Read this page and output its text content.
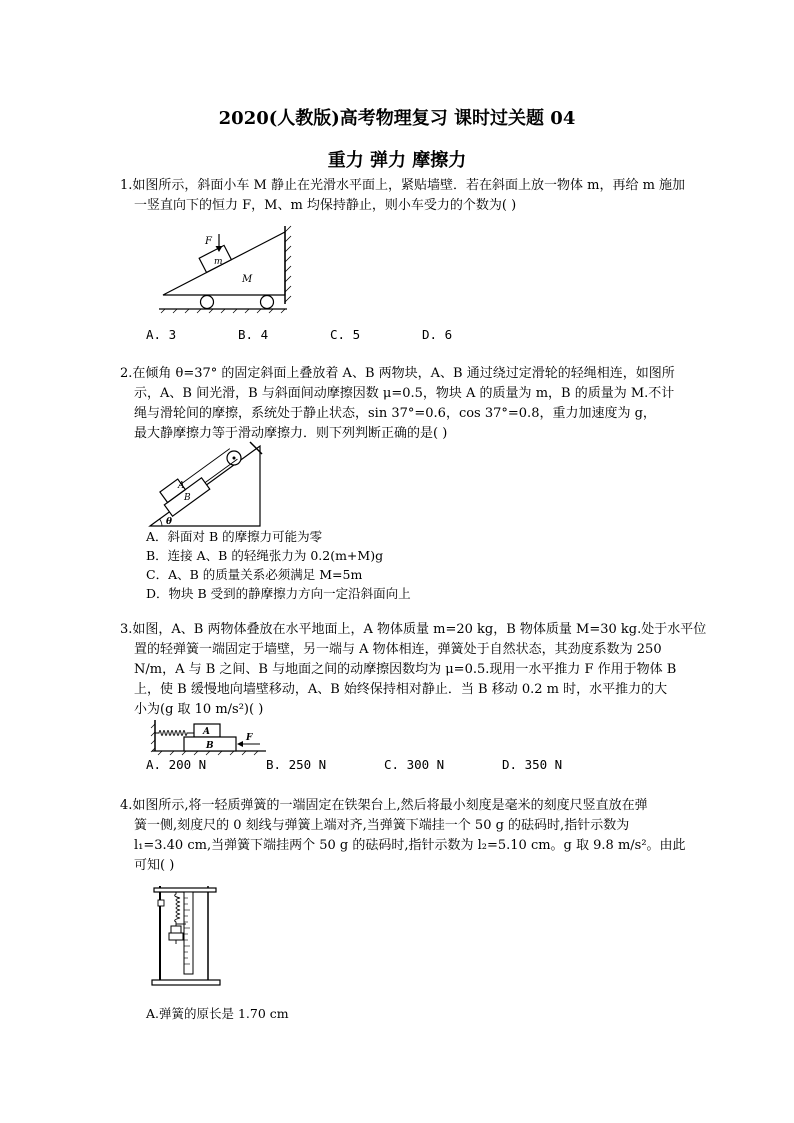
2020(人教版)高考物理复习 课时过关题 04
重力 弹力 摩擦力
1.如图所示，斜面小车 M 静止在光滑水平面上，紧贴墙壁．若在斜面上放一物体 m，再给 m 施加
一竖直向下的恒力 F，M、m 均保持静止，则小车受力的个数为( )
F
m
M
A. 3	B. 4	C. 5	D. 6
2.在倾角 θ=37° 的固定斜面上叠放着 A、B 两物块，A、B 通过绕过定滑轮的轻绳相连，如图所
示，A、B 间光滑，B 与斜面间动摩擦因数 μ=0.5，物块 A 的质量为 m，B 的质量为 M.不计
绳与滑轮间的摩擦，系统处于静止状态，sin 37°=0.6，cos 37°=0.8，重力加速度为 g，
最大静摩擦力等于滑动摩擦力．则下列判断正确的是( )
A
B
θ
A．斜面对 B 的摩擦力可能为零
B．连接 A、B 的轻绳张力为 0.2(m+M)g
C．A、B 的质量关系必须满足 M=5m
D．物块 B 受到的静摩擦力方向一定沿斜面向上
3.如图，A、B 两物体叠放在水平地面上，A 物体质量 m=20 kg，B 物体质量 M=30 kg.处于水平位
置的轻弹簧一端固定于墙壁，另一端与 A 物体相连，弹簧处于自然状态，其劲度系数为 250
N/m，A 与 B 之间、B 与地面之间的动摩擦因数均为 μ=0.5.现用一水平推力 F 作用于物体 B
上，使 B 缓慢地向墙壁移动，A、B 始终保持相对静止．当 B 移动 0.2 m 时，水平推力的大
小为(g 取 10 m/s²)( )
A
B
F
A. 200 N	B. 250 N	C. 300 N	D. 350 N
4.如图所示,将一轻质弹簧的一端固定在铁架台上,然后将最小刻度是毫米的刻度尺竖直放在弹
簧一侧,刻度尺的 0 刻线与弹簧上端对齐,当弹簧下端挂一个 50 g 的砝码时,指针示数为
l₁=3.40 cm,当弹簧下端挂两个 50 g 的砝码时,指针示数为 l₂=5.10 cm。g 取 9.8 m/s²。由此
可知( )
A.弹簧的原长是 1.70 cm
